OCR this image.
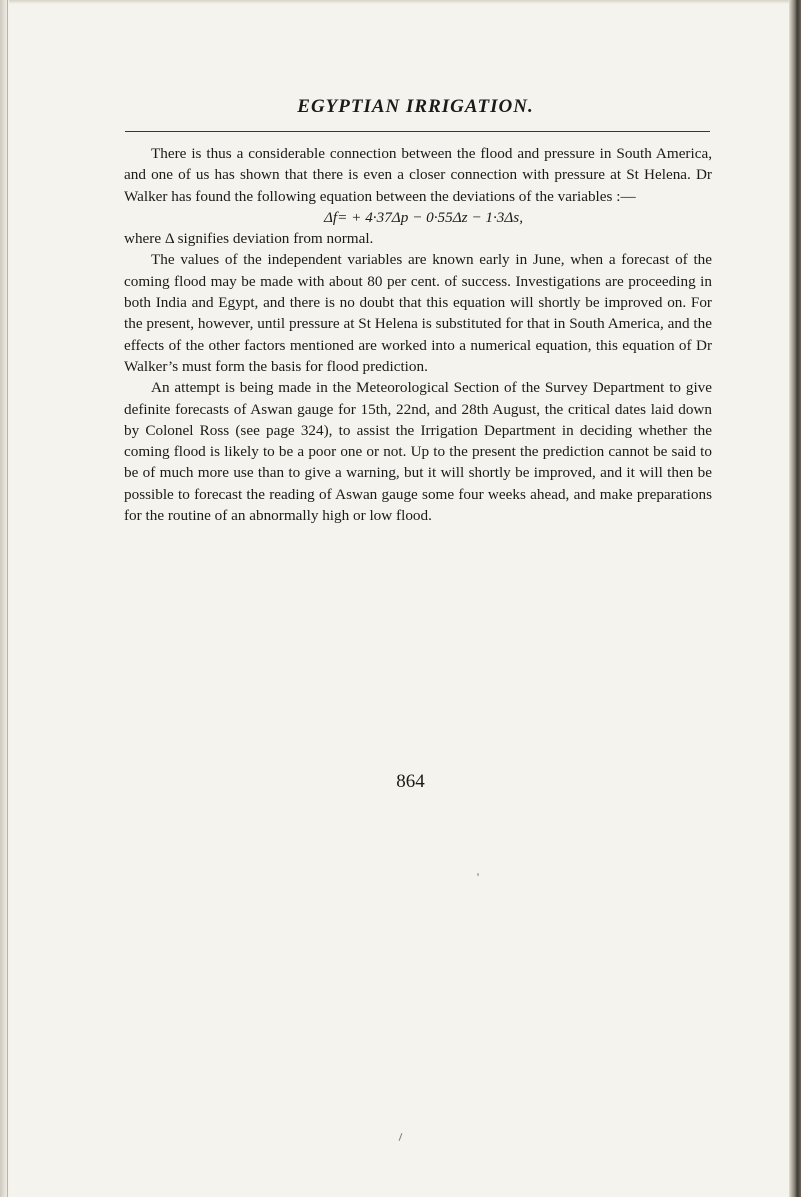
EGYPTIAN IRRIGATION.

There is thus a considerable connection between the flood and pressure in South America, and one of us has shown that there is even a closer connection with pressure at St Helena. Dr Walker has found the following equation between the deviations of the variables :—

Δf= + 4·37Δp − 0·55Δz − 1·3Δs,

where Δ signifies deviation from normal.

The values of the independent variables are known early in June, when a forecast of the coming flood may be made with about 80 per cent. of success. Investigations are proceeding in both India and Egypt, and there is no doubt that this equation will shortly be improved on. For the present, however, until pressure at St Helena is substituted for that in South America, and the effects of the other factors mentioned are worked into a numerical equation, this equation of Dr Walker’s must form the basis for flood prediction.

An attempt is being made in the Meteorological Section of the Survey Department to give definite forecasts of Aswan gauge for 15th, 22nd, and 28th August, the critical dates laid down by Colonel Ross (see page 324), to assist the Irrigation Department in deciding whether the coming flood is likely to be a poor one or not. Up to the present the prediction cannot be said to be of much more use than to give a warning, but it will shortly be improved, and it will then be possible to forecast the reading of Aswan gauge some four weeks ahead, and make preparations for the routine of an abnormally high or low flood.

864
